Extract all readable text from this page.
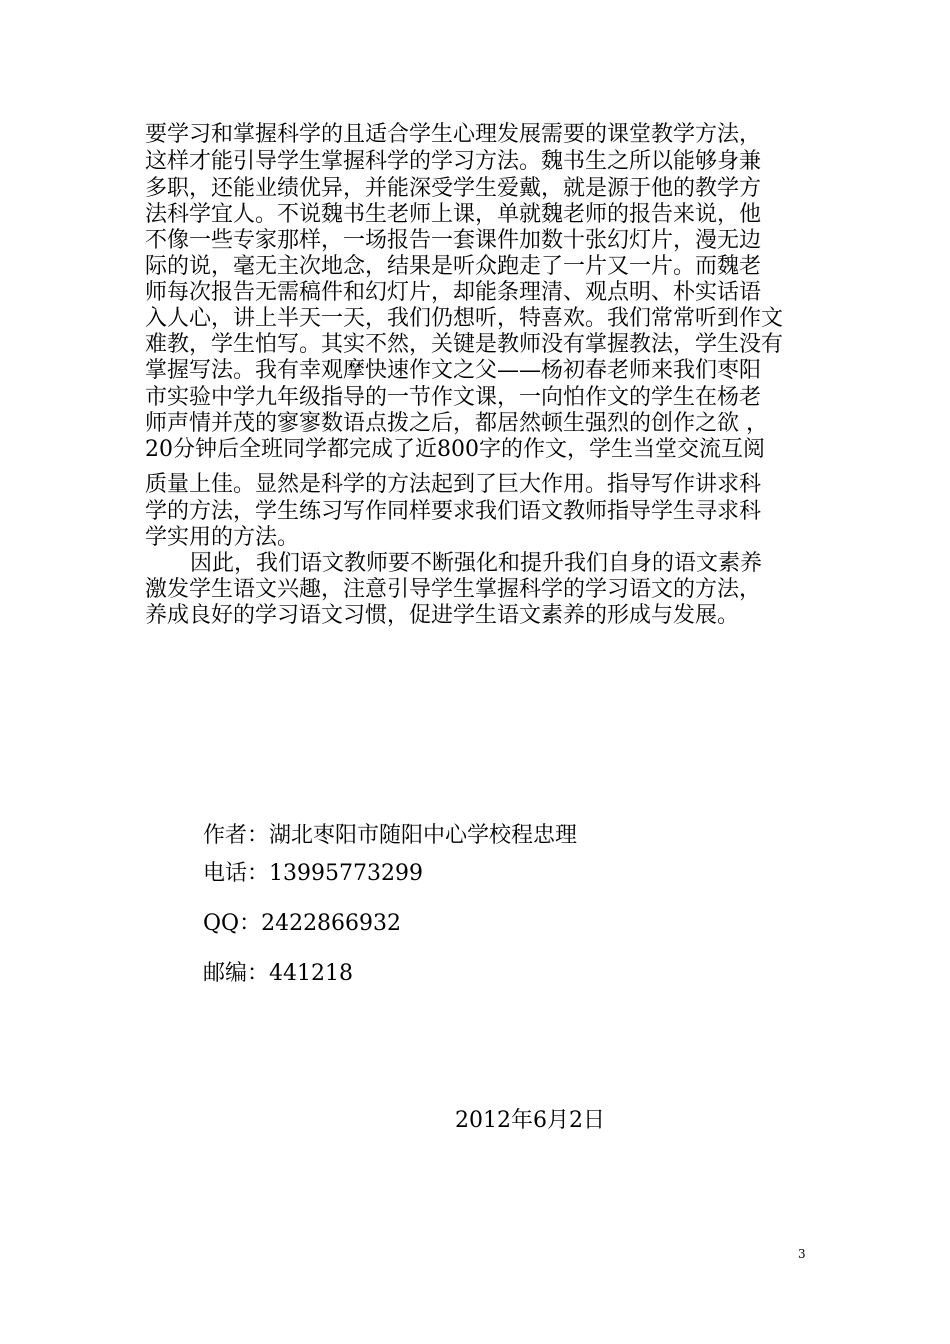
要学习和掌握科学的且适合学生心理发展需要的课堂教学方法，
这样才能引导学生掌握科学的学习方法。魏书生之所以能够身兼
多职，还能业绩优异，并能深受学生爱戴，就是源于他的教学方
法科学宜人。不说魏书生老师上课，单就魏老师的报告来说，他
不像一些专家那样，一场报告一套课件加数十张幻灯片，漫无边
际的说，毫无主次地念，结果是听众跑走了一片又一片。而魏老
师每次报告无需稿件和幻灯片，却能条理清、观点明、朴实话语
入人心，讲上半天一天，我们仍想听，特喜欢。我们常常听到作文
难教，学生怕写。其实不然，关键是教师没有掌握教法，学生没有
掌握写法。我有幸观摩快速作文之父——杨初春老师来我们枣阳
市实验中学九年级指导的一节作文课，一向怕作文的学生在杨老
师声情并茂的寥寥数语点拨之后，都居然顿生强烈的创作之欲 ，
20分钟后全班同学都完成了近800字的作文，学生当堂交流互阅
质量上佳。显然是科学的方法起到了巨大作用。指导写作讲求科
学的方法，学生练习写作同样要求我们语文教师指导学生寻求科
学实用的方法。
因此，我们语文教师要不断强化和提升我们自身的语文素养
激发学生语文兴趣，注意引导学生掌握科学的学习语文的方法，
养成良好的学习语文习惯，促进学生语文素养的形成与发展。
作者：湖北枣阳市随阳中心学校程忠理
电话：13995773299
QQ：2422866932
邮编：441218
2012年6月2日
3
